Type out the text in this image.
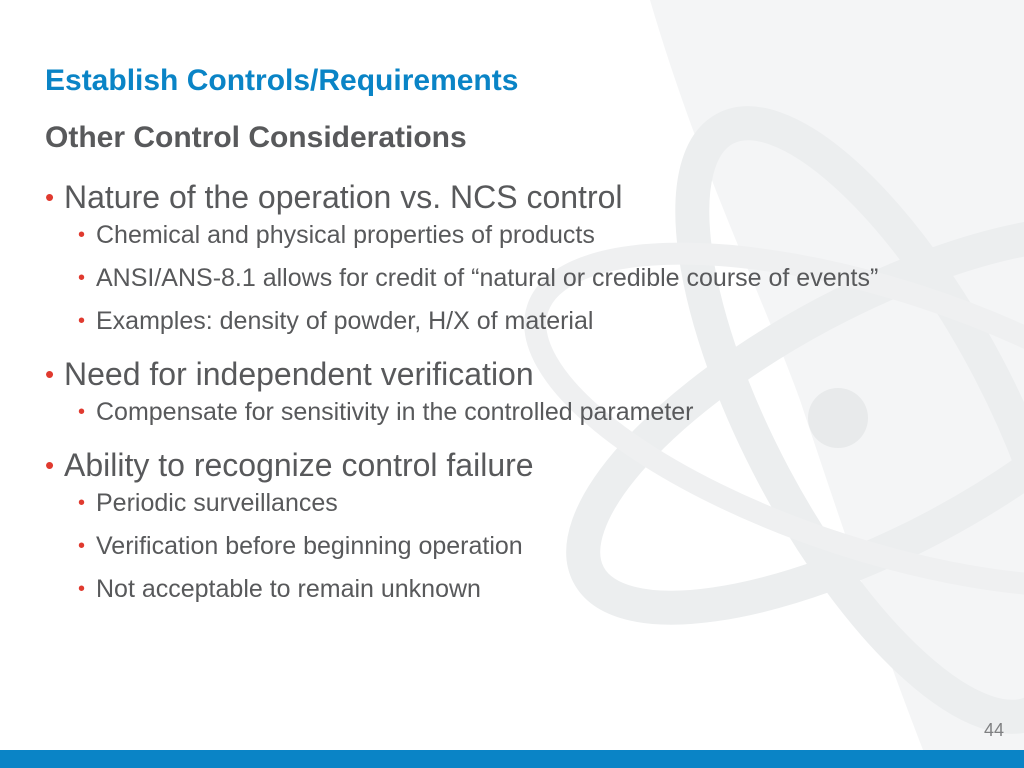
Establish Controls/Requirements
Other Control Considerations
• Nature of the operation vs. NCS control
• Chemical and physical properties of products
• ANSI/ANS-8.1 allows for credit of “natural or credible course of events”
• Examples: density of powder, H/X of material
• Need for independent verification
• Compensate for sensitivity in the controlled parameter
• Ability to recognize control failure
• Periodic surveillances
• Verification before beginning operation
• Not acceptable to remain unknown
44
